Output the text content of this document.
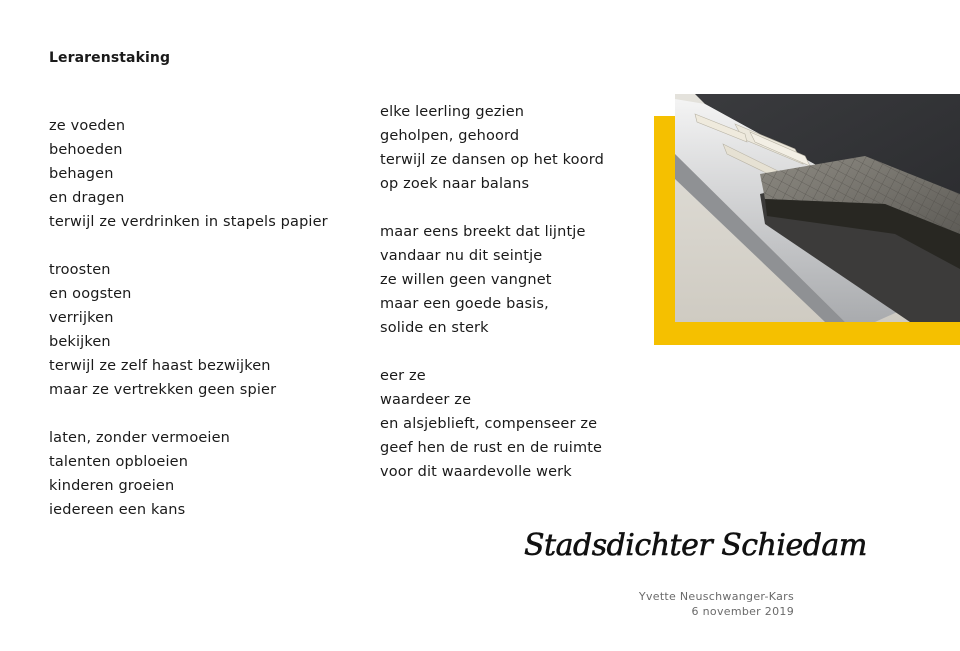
Lerarenstaking
ze voeden
behoeden
behagen
en dragen
terwijl ze verdrinken in stapels papier
troosten
en oogsten
verrijken
bekijken
terwijl ze zelf haast bezwijken
maar ze vertrekken geen spier
laten, zonder vermoeien
talenten opbloeien
kinderen groeien
iedereen een kans
elke leerling gezien
geholpen, gehoord
terwijl ze dansen op het koord
op zoek naar balans
maar eens breekt dat lijntje
vandaar nu dit seintje
ze willen geen vangnet
maar een goede basis,
solide en sterk
eer ze
waardeer ze
en alsjeblieft, compenseer ze
geef hen de rust en de ruimte
voor dit waardevolle werk
Stadsdichter Schiedam
Yvette Neuschwanger-Kars
6 november 2019
